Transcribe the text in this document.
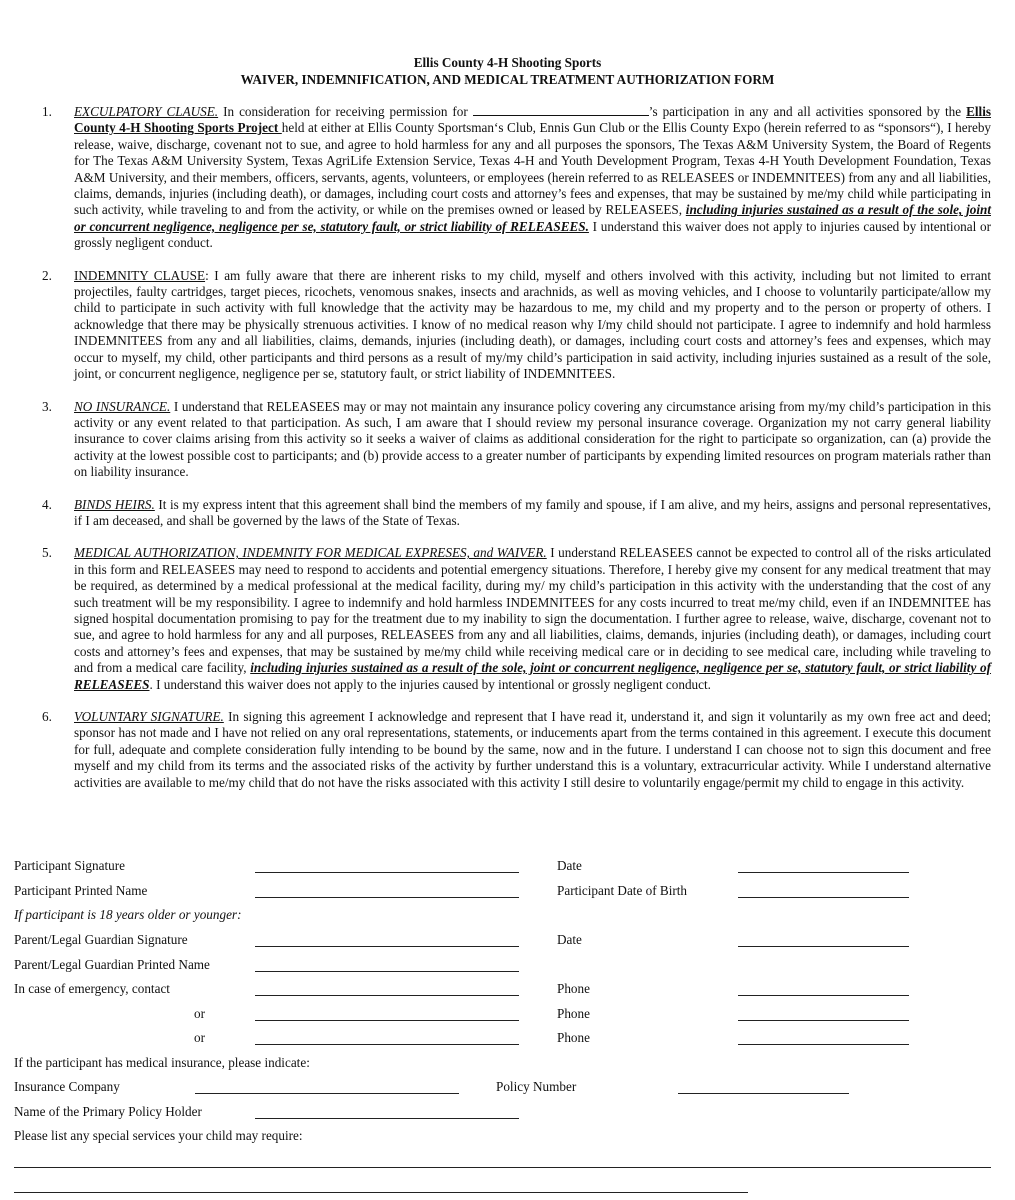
Ellis County 4-H Shooting Sports
WAIVER, INDEMNIFICATION, AND MEDICAL TREATMENT AUTHORIZATION FORM
1. EXCULPATORY CLAUSE. In consideration for receiving permission for	’s participation in any and all activities sponsored by the Ellis County 4-H Shooting Sports Project held at either at Ellis County Sportsman‘s Club, Ennis Gun Club or the Ellis County Expo (herein referred to as “sponsors“), I hereby release, waive, discharge, covenant not to sue, and agree to hold harmless for any and all purposes the sponsors, The Texas A&M University System, the Board of Regents for The Texas A&M University System, Texas AgriLife Extension Service, Texas 4-H and Youth Development Program, Texas 4-H Youth Development Foundation, Texas A&M University, and their members, officers, servants, agents, volunteers, or employees (herein referred to as RELEASEES or INDEMNITEES) from any and all liabilities, claims, demands, injuries (including death), or damages, including court costs and attorney’s fees and expenses, that may be sustained by me/my child while participating in such activity, while traveling to and from the activity, or while on the premises owned or leased by RELEASEES, including injuries sustained as a result of the sole, joint or concurrent negligence, negligence per se, statutory fault, or strict liability of RELEASEES. I understand this waiver does not apply to injuries caused by intentional or grossly negligent conduct.
2. INDEMNITY CLAUSE: I am fully aware that there are inherent risks to my child, myself and others involved with this activity, including but not limited to errant projectiles, faulty cartridges, target pieces, ricochets, venomous snakes, insects and arachnids, as well as moving vehicles, and I choose to voluntarily participate/allow my child to participate in such activity with full knowledge that the activity may be hazardous to me, my child and my property and to the person or property of others. I acknowledge that there may be physically strenuous activities. I know of no medical reason why I/my child should not participate. I agree to indemnify and hold harmless INDEMNITEES from any and all liabilities, claims, demands, injuries (including death), or damages, including court costs and attorney’s fees and expenses, which may occur to myself, my child, other participants and third persons as a result of my/my child’s participation in said activity, including injuries sustained as a result of the sole, joint, or concurrent negligence, negligence per se, statutory fault, or strict liability of INDEMNITEES.
3. NO INSURANCE. I understand that RELEASEES may or may not maintain any insurance policy covering any circumstance arising from my/my child’s participation in this activity or any event related to that participation. As such, I am aware that I should review my personal insurance coverage. Organization my not carry general liability insurance to cover claims arising from this activity so it seeks a waiver of claims as additional consideration for the right to participate so organization, can (a) provide the activity at the lowest possible cost to participants; and (b) provide access to a greater number of participants by expending limited resources on program materials rather than on liability insurance.
4. BINDS HEIRS. It is my express intent that this agreement shall bind the members of my family and spouse, if I am alive, and my heirs, assigns and personal representatives, if I am deceased, and shall be governed by the laws of the State of Texas.
5. MEDICAL AUTHORIZATION, INDEMNITY FOR MEDICAL EXPRESES, and WAIVER. I understand RELEASEES cannot be expected to control all of the risks articulated in this form and RELEASEES may need to respond to accidents and potential emergency situations. Therefore, I hereby give my consent for any medical treatment that may be required, as determined by a medical professional at the medical facility, during my/ my child’s participation in this activity with the understanding that the cost of any such treatment will be my responsibility. I agree to indemnify and hold harmless INDEMNITEES for any costs incurred to treat me/my child, even if an INDEMNITEE has signed hospital documentation promising to pay for the treatment due to my inability to sign the documentation. I further agree to release, waive, discharge, covenant not to sue, and agree to hold harmless for any and all purposes, RELEASEES from any and all liabilities, claims, demands, injuries (including death), or damages, including court costs and attorney’s fees and expenses, that may be sustained by me/my child while receiving medical care or in deciding to see medical care, including while traveling to and from a medical care facility, including injuries sustained as a result of the sole, joint or concurrent negligence, negligence per se, statutory fault, or strict liability of RELEASEES. I understand this waiver does not apply to the injuries caused by intentional or grossly negligent conduct.
6. VOLUNTARY SIGNATURE. In signing this agreement I acknowledge and represent that I have read it, understand it, and sign it voluntarily as my own free act and deed; sponsor has not made and I have not relied on any oral representations, statements, or inducements apart from the terms contained in this agreement. I execute this document for full, adequate and complete consideration fully intending to be bound by the same, now and in the future. I understand I can choose not to sign this document and free myself and my child from its terms and the associated risks of the activity by further understand this is a voluntary, extracurricular activity. While I understand alternative activities are available to me/my child that do not have the risks associated with this activity I still desire to voluntarily engage/permit my child to engage in this activity.
Participant Signature	Date
Participant Printed Name	Participant Date of Birth
If participant is 18 years older or younger:
Parent/Legal Guardian Signature	Date
Parent/Legal Guardian Printed Name
In case of emergency, contact	Phone
or	Phone
or	Phone
If the participant has medical insurance, please indicate:
Insurance Company	Policy Number
Name of the Primary Policy Holder
Please list any special services your child may require:
